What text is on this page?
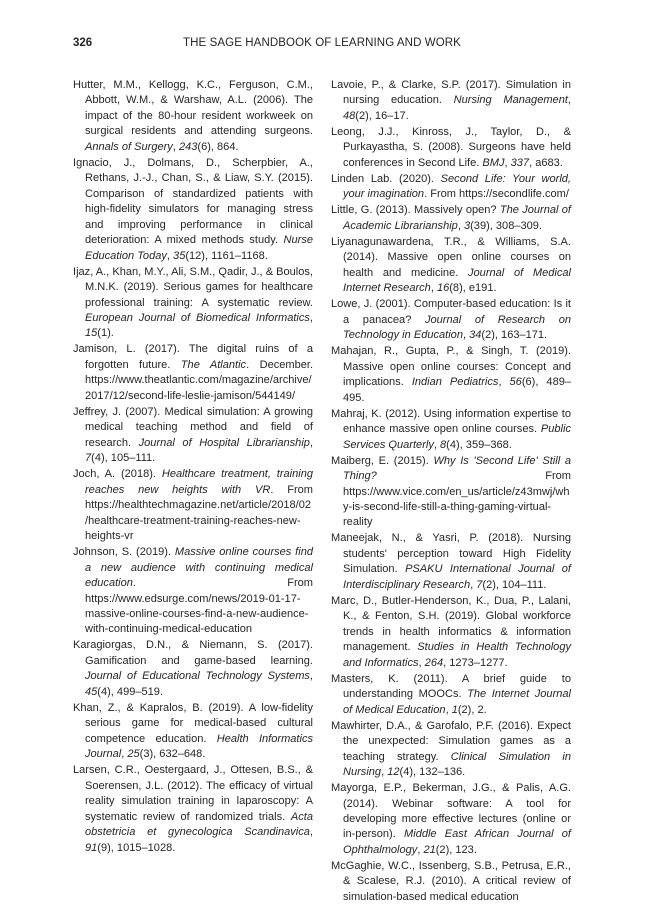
326	THE SAGE HANDBOOK OF LEARNING AND WORK

Hutter, M.M., Kellogg, K.C., Ferguson, C.M., Abbott, W.M., & Warshaw, A.L. (2006). The impact of the 80-hour resident workweek on surgical residents and attending surgeons. Annals of Surgery, 243(6), 864.

Ignacio, J., Dolmans, D., Scherpbier, A., Rethans, J.-J., Chan, S., & Liaw, S.Y. (2015). Comparison of standardized patients with high-fidelity simulators for managing stress and improving performance in clinical deterioration: A mixed methods study. Nurse Education Today, 35(12), 1161–1168.

Ijaz, A., Khan, M.Y., Ali, S.M., Qadir, J., & Boulos, M.N.K. (2019). Serious games for healthcare professional training: A systematic review. European Journal of Biomedical Informatics, 15(1).

Jamison, L. (2017). The digital ruins of a forgotten future. The Atlantic. December. https://www.theatlantic.com/magazine/archive/2017/12/second-life-leslie-jamison/544149/

Jeffrey, J. (2007). Medical simulation: A growing medical teaching method and field of research. Journal of Hospital Librarianship, 7(4), 105–111.

Joch, A. (2018). Healthcare treatment, training reaches new heights with VR. From https://healthtechmagazine.net/article/2018/02/healthcare-treatment-training-reaches-new-heights-vr

Johnson, S. (2019). Massive online courses find a new audience with continuing medical education. From https://www.edsurge.com/news/2019-01-17-massive-online-courses-find-a-new-audience-with-continuing-medical-education

Karagiorgas, D.N., & Niemann, S. (2017). Gamification and game-based learning. Journal of Educational Technology Systems, 45(4), 499–519.

Khan, Z., & Kapralos, B. (2019). A low-fidelity serious game for medical-based cultural competence education. Health Informatics Journal, 25(3), 632–648.

Larsen, C.R., Oestergaard, J., Ottesen, B.S., & Soerensen, J.L. (2012). The efficacy of virtual reality simulation training in laparoscopy: A systematic review of randomized trials. Acta obstetricia et gynecologica Scandinavica, 91(9), 1015–1028.

Lavoie, P., & Clarke, S.P. (2017). Simulation in nursing education. Nursing Management, 48(2), 16–17.

Leong, J.J., Kinross, J., Taylor, D., & Purkayastha, S. (2008). Surgeons have held conferences in Second Life. BMJ, 337, a683.

Linden Lab. (2020). Second Life: Your world, your imagination. From https://secondlife.com/

Little, G. (2013). Massively open? The Journal of Academic Librarianship, 3(39), 308–309.

Liyanagunawardena, T.R., & Williams, S.A. (2014). Massive open online courses on health and medicine. Journal of Medical Internet Research, 16(8), e191.

Lowe, J. (2001). Computer-based education: Is it a panacea? Journal of Research on Technology in Education, 34(2), 163–171.

Mahajan, R., Gupta, P., & Singh, T. (2019). Massive open online courses: Concept and implications. Indian Pediatrics, 56(6), 489–495.

Mahraj, K. (2012). Using information expertise to enhance massive open online courses. Public Services Quarterly, 8(4), 359–368.

Maiberg, E. (2015). Why Is 'Second Life' Still a Thing? From https://www.vice.com/en_us/article/z43mwj/why-is-second-life-still-a-thing-gaming-virtual-reality

Maneejak, N., & Yasri, P. (2018). Nursing students' perception toward High Fidelity Simulation. PSAKU International Journal of Interdisciplinary Research, 7(2), 104–111.

Marc, D., Butler-Henderson, K., Dua, P., Lalani, K., & Fenton, S.H. (2019). Global workforce trends in health informatics & information management. Studies in Health Technology and Informatics, 264, 1273–1277.

Masters, K. (2011). A brief guide to understanding MOOCs. The Internet Journal of Medical Education, 1(2), 2.

Mawhirter, D.A., & Garofalo, P.F. (2016). Expect the unexpected: Simulation games as a teaching strategy. Clinical Simulation in Nursing, 12(4), 132–136.

Mayorga, E.P., Bekerman, J.G., & Palis, A.G. (2014). Webinar software: A tool for developing more effective lectures (online or in-person). Middle East African Journal of Ophthalmology, 21(2), 123.

McGaghie, W.C., Issenberg, S.B., Petrusa, E.R., & Scalese, R.J. (2010). A critical review of simulation-based medical education
